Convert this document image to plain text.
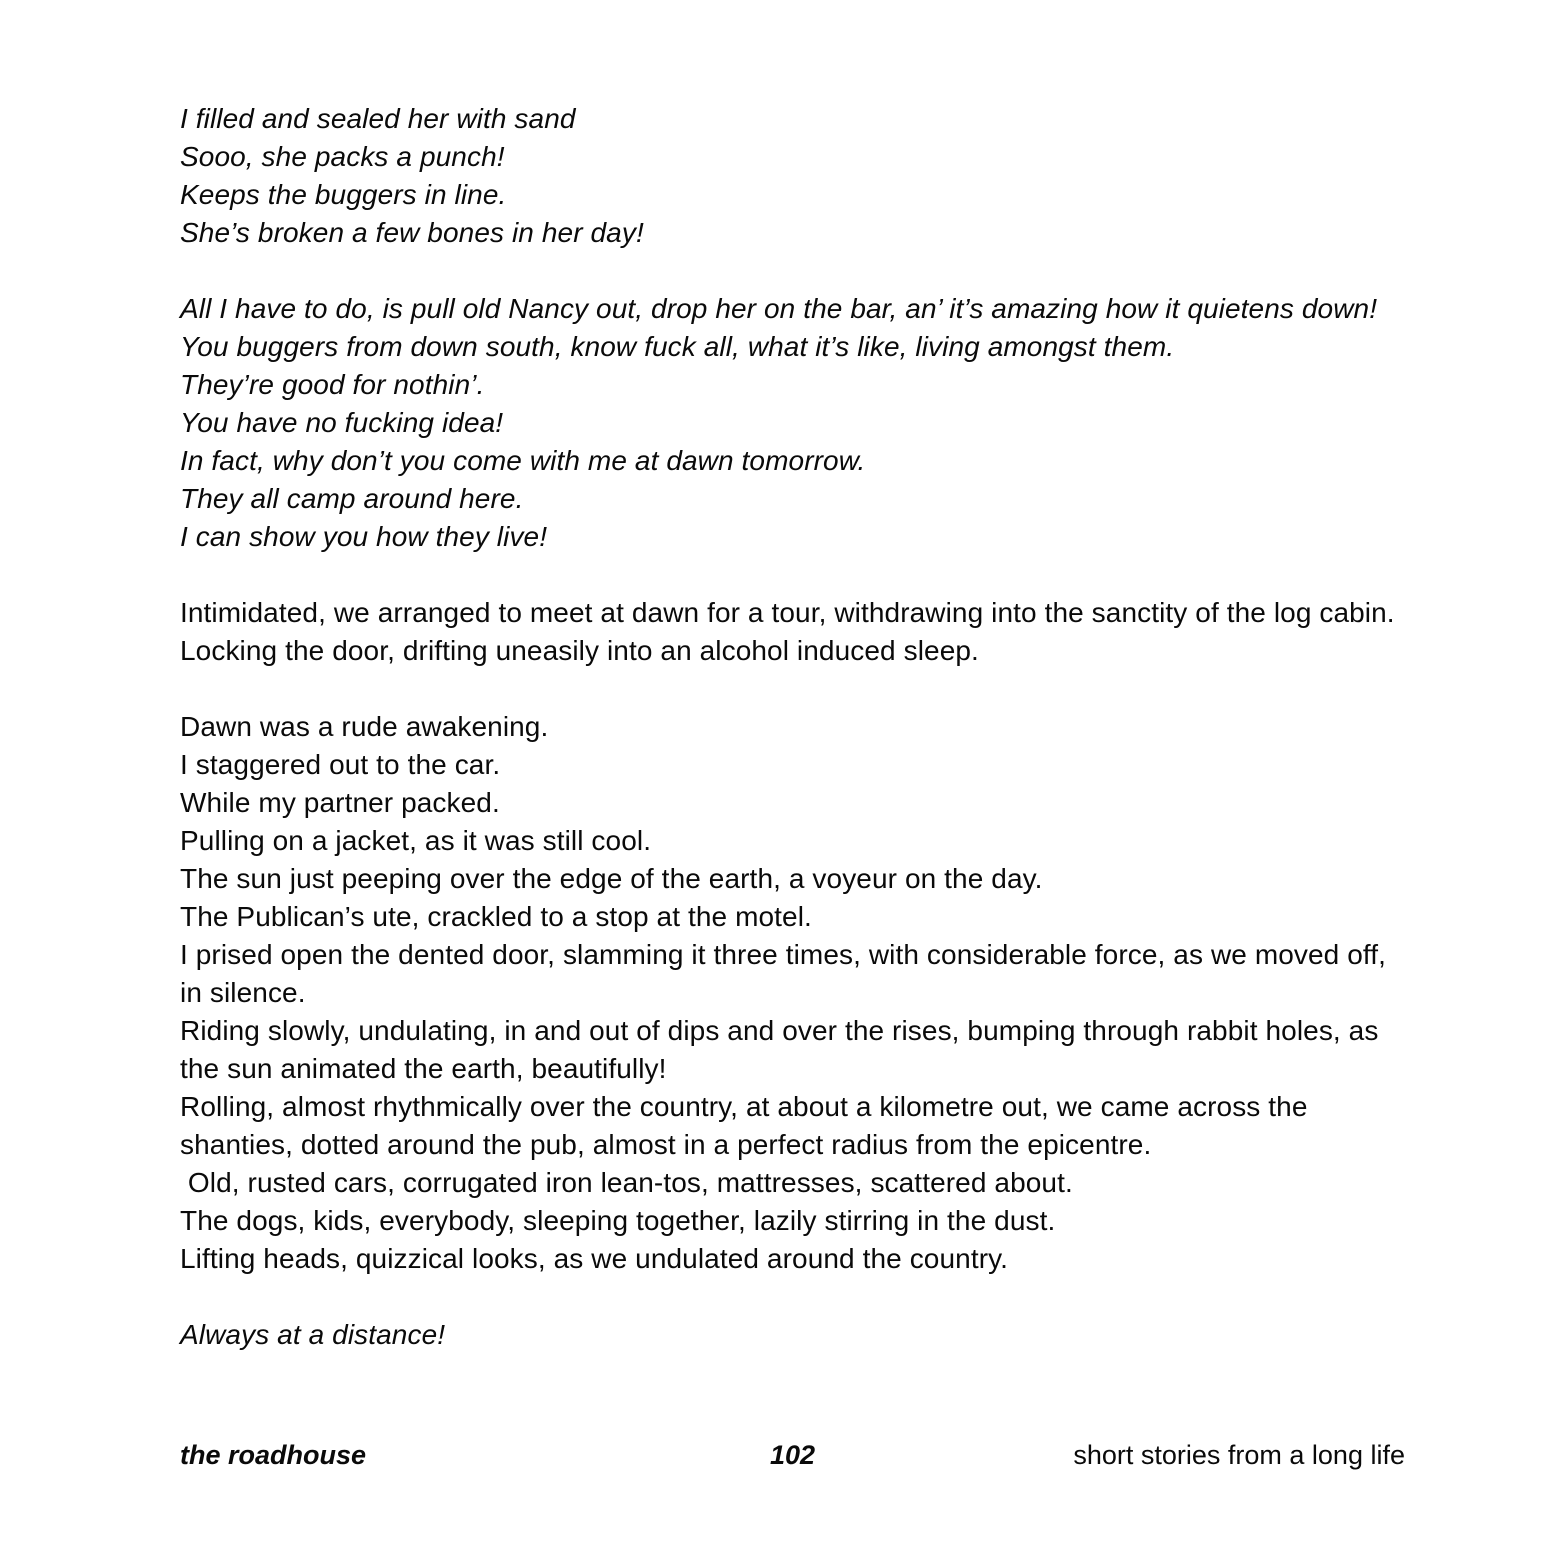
I filled and sealed her with sand

Sooo, she packs a punch!

Keeps the buggers in line.

She’s broken a few bones in her day!

All I have to do, is pull old Nancy out, drop her on the bar, an’ it’s amazing how it quietens down!

You buggers from down south, know fuck all, what it’s like, living amongst them.

They’re good for nothin’.

You have no fucking idea!

In fact, why don’t you come with me at dawn tomorrow.

They all camp around here.

I can show you how they live!

Intimidated, we arranged to meet at dawn for a tour, withdrawing into the sanctity of the log cabin.

Locking the door, drifting uneasily into an alcohol induced sleep.

Dawn was a rude awakening.

I staggered out to the car.

While my partner packed.

Pulling on a jacket, as it was still cool.

The sun just peeping over the edge of the earth, a voyeur on the day.

The Publican’s ute, crackled to a stop at the motel.

I prised open the dented door, slamming it three times, with considerable force, as we moved off, in silence.

Riding slowly, undulating, in and out of dips and over the rises, bumping through rabbit holes, as the sun animated the earth, beautifully!

Rolling, almost rhythmically over the country, at about a kilometre out, we came across the shanties, dotted around the pub, almost in a perfect radius from the epicentre.

Old, rusted cars, corrugated iron lean-tos, mattresses, scattered about.

The dogs, kids, everybody, sleeping together, lazily stirring in the dust.

Lifting heads, quizzical looks, as we undulated around the country.

Always at a distance!

the roadhouse	102	short stories from a long life
